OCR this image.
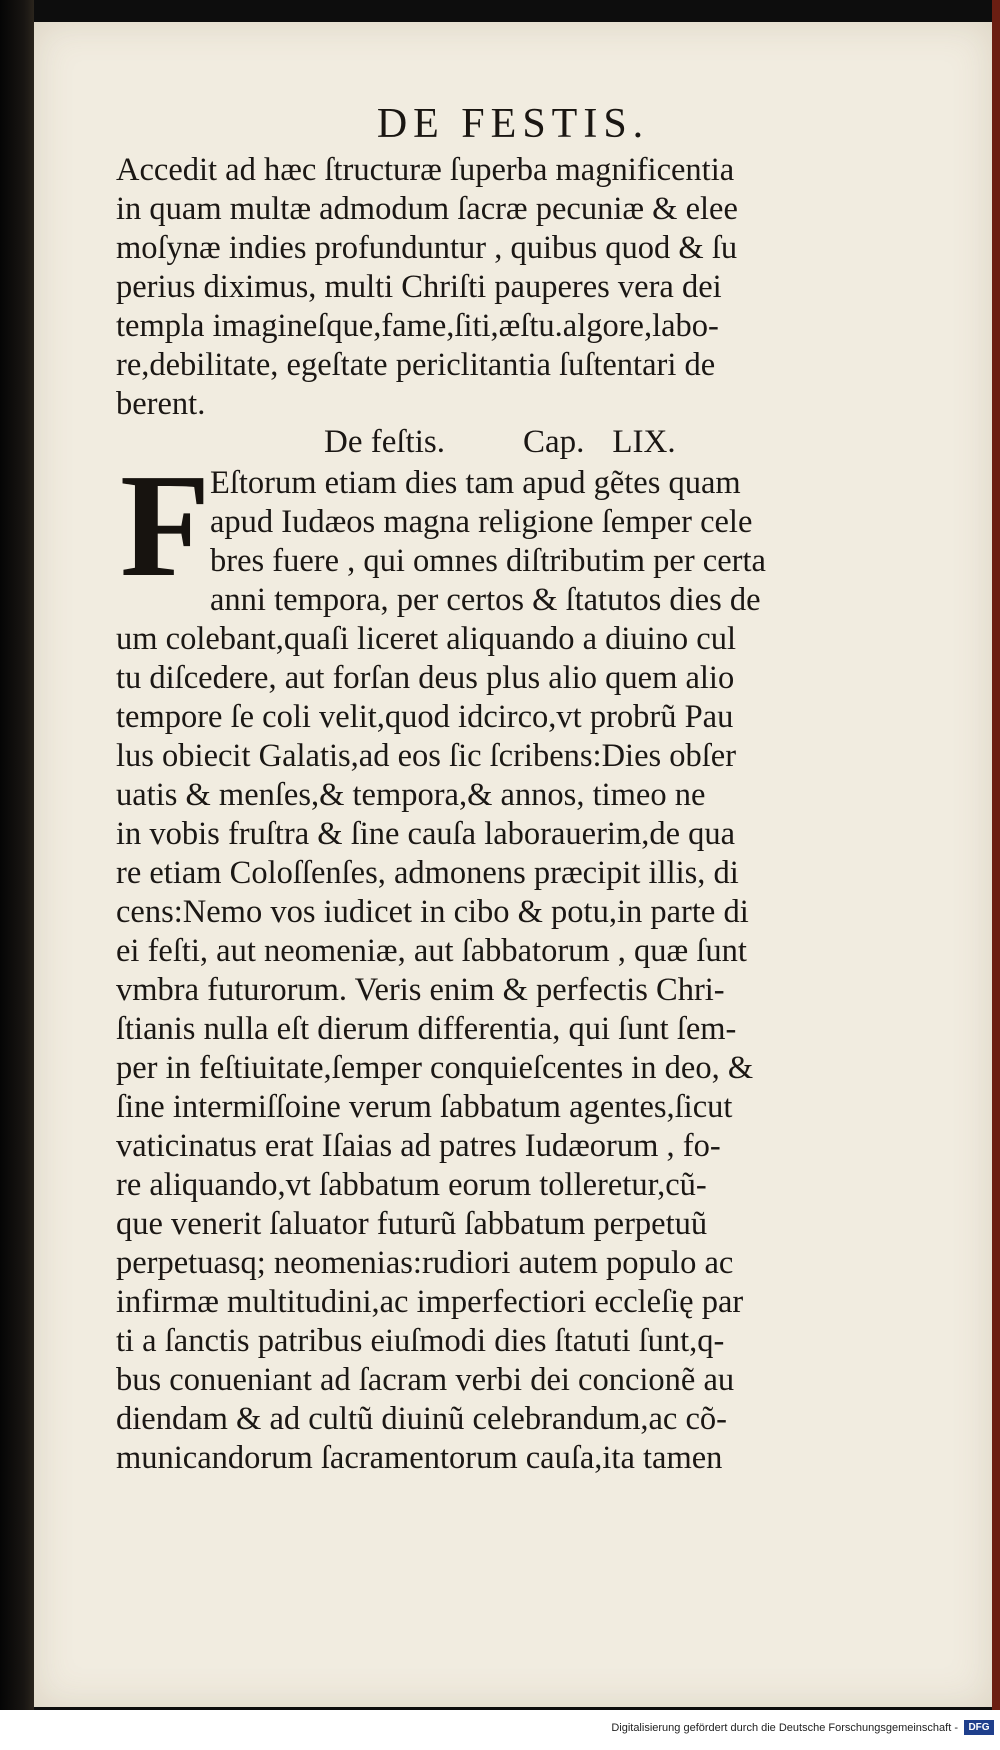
DE FESTIS.

Accedit ad hæc ſtructuræ ſuperba magnificentia

in quam multæ admodum ſacræ pecuniæ & elee

moſynæ indies profunduntur , quibus quod & ſu

perius diximus, multi Chriſti pauperes vera dei

templa imagineſque,fame,ſiti,æſtu.algore,labo-

re,debilitate, egeſtate periclitantia ſuſtentari de

berent.

De feſtis. Cap. LIX.
F Eſtorum etiam dies tam apud gẽtes quam

apud Iudæos magna religione ſemper cele

bres fuere , qui omnes diſtributim per certa

anni tempora, per certos & ſtatutos dies de

um colebant,quaſi liceret aliquando a diuino cul

tu diſcedere, aut forſan deus plus alio quem alio

tempore ſe coli velit,quod idcirco,vt probrũ Pau

lus obiecit Galatis,ad eos ſic ſcribens:Dies obſer

uatis & menſes,& tempora,& annos, timeo ne

in vobis fruſtra & ſine cauſa laborauerim,de qua

re etiam Coloſſenſes, admonens præcipit illis, di

cens:Nemo vos iudicet in cibo & potu,in parte di

ei feſti, aut neomeniæ, aut ſabbatorum , quæ ſunt

vmbra futurorum. Veris enim & perfectis Chri-

ſtianis nulla eſt dierum differentia, qui ſunt ſem-

per in feſtiuitate,ſemper conquieſcentes in deo, &

ſine intermiſſoine verum ſabbatum agentes,ſicut

vaticinatus erat Iſaias ad patres Iudæorum , fo-

re aliquando,vt ſabbatum eorum tolleretur,cũ-

que venerit ſaluator futurũ ſabbatum perpetuũ

perpetuasq; neomenias:rudiori autem populo ac

infirmæ multitudini,ac imperfectiori eccleſię par

ti a ſanctis patribus eiuſmodi dies ſtatuti ſunt,q-

bus conueniant ad ſacram verbi dei concionẽ au

diendam & ad cultũ diuinũ celebrandum,ac cõ-

municandorum ſacramentorum cauſa,ita tamen

Digitalisierung gefördert durch die Deutsche Forschungsgemeinschaft -	DFG
